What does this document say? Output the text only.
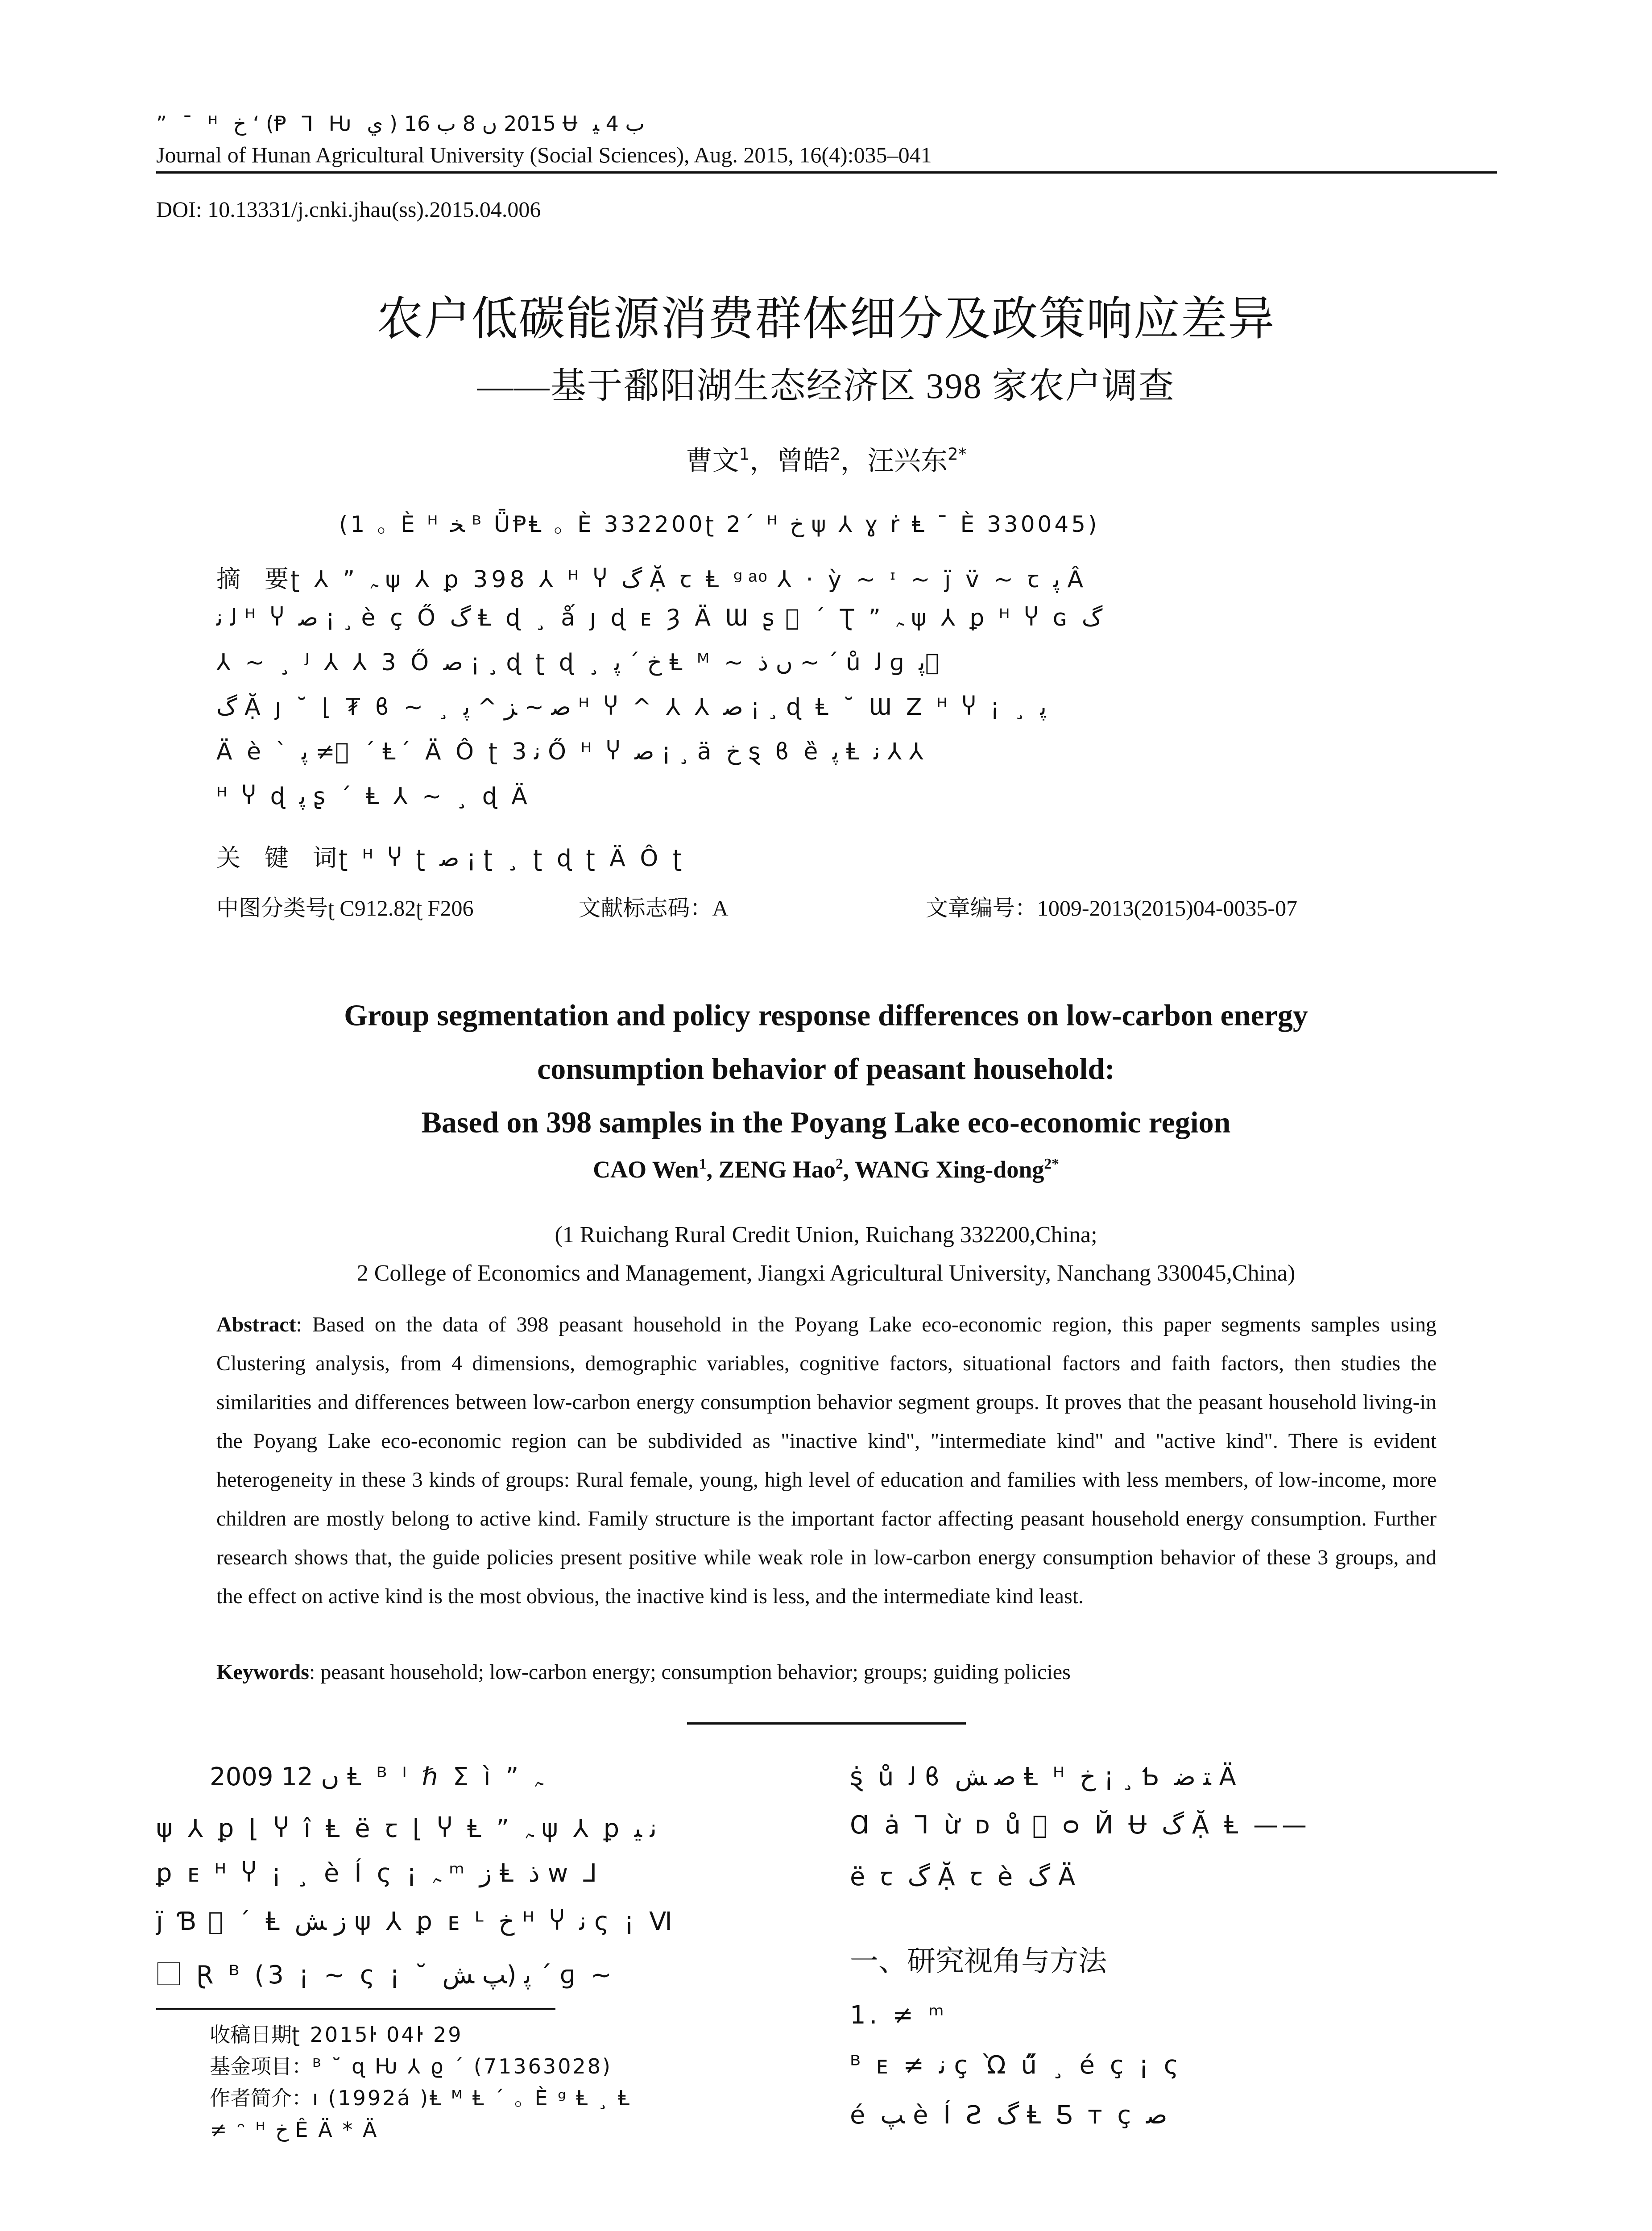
” ¯ ᴴ ﺥ ‘ (Ᵽ ⅂ Ƕ ي ) 2015 ں 8 ب 16 Ʉ ب 4 ﯿ
Journal of Hunan Agricultural University (Social Sciences), Aug. 2015, 16(4):035–041
DOI: 10.13331/j.cnki.jhau(ss).2015.04.006
农户低碳能源消费群体细分及政策响应差异
——基于鄱阳湖生态经济区 398 家农户调查
曹文$^1$，曾皓$^2$，汪兴东$^{2*}$
(1 ｡ È ᴴ ﺨ ᴮ ǕⱣⱠ ｡ È 332200ʈ 2´ ᴴ ﺥ ψ ⅄ ɣ ṙ Ⱡ ¯ È 330045)
摘　要 ʈ ⅄ ” ﮧ ψ ⅄ ꝑ 398 ⅄ ᴴ Ⴤ گ Ặ ꞇ Ⱡ ᵍ ͣ ͦ ⅄ · ỳ ~ ᶦ ~ ȷ̈ v̈ ~ ꞇ ﭘ Â
ﻟ ﻧ ᴴ Ⴤ ﺻ ¡ ¸ è ç Ő گ Ⱡ ɖ ¸ ǻ ȷ ɖ ᴇ Ȝ Ä Ɯ ʂ ⃞ ´ Ʈ ” ﮧ ψ ⅄ ꝑ ᴴ Ⴤ ɢ گ
⅄ ~ ¸ ᴶ ⅄ ⅄ 3 Ő ﺻ ¡ ¸ ɖ ʈ ɖ ¸ ﺥ ´ ﭘ Ⱡ ᴹ ~ ں ذ ~ ´ ů ﻟ ɡ ﭘ ⃞
گ Ặ ȷ ˘ ⌊ ₮ ϐ ~ ¸ ﺻ ~ ﺰ ^ ﭘ ᴴ Ⴤ ^ ⅄ ⅄ ﺻ ¡ ¸ ɖ Ⱡ ˘ Ɯ Z ᴴ Ⴤ ¡ ¸ ﭘ
Ä è ` ﭘ ≠ ⃞ ´ Ⱡ´ Ä Ô ʈ ﻧ 3 Ő ᴴ Ⴤ ﺻ ¡ ¸ ä ﺥ ȿ ϐ ȅ ﭘ Ⱡ ﻧ ⅄ ⅄
ᴴ Ⴤ ɖ ﭘ ʂ ´ Ⱡ ⅄ ~ ¸ ɖ Ä
关　键　词 ʈ ᴴ Ⴤ ʈ ﺻ ¡ ʈ ¸ ʈ ɖ ʈ Ä Ô ʈ
中图分类号ʈ C912.82ʈ F206	文献标志码：A	文章编号：1009-2013(2015)04-0035-07
Group segmentation and policy response differences on low-carbon energy
consumption behavior of peasant household:
Based on 398 samples in the Poyang Lake eco-economic region
CAO Wen$^1$, ZENG Hao$^2$, WANG Xing-dong$^{2*}$
(1 Ruichang Rural Credit Union, Ruichang 332200,China;
2 College of Economics and Management, Jiangxi Agricultural University, Nanchang 330045,China)
Abstract: Based on the data of 398 peasant household in the Poyang Lake eco-economic region, this paper segments samples using Clustering analysis, from 4 dimensions, demographic variables, cognitive factors, situational factors and faith factors, then studies the similarities and differences between low-carbon energy consumption behavior segment groups. It proves that the peasant household living-in the Poyang Lake eco-economic region can be subdivided as "inactive kind", "intermediate kind" and "active kind". There is evident heterogeneity in these 3 kinds of groups: Rural female, young, high level of education and families with less members, of low-income, more children are mostly belong to active kind. Family structure is the important factor affecting peasant household energy consumption. Further research shows that, the guide policies present positive while weak role in low-carbon energy consumption behavior of these 3 groups, and the effect on active kind is the most obvious, the inactive kind is less, and the intermediate kind least.
Keywords: peasant household; low-carbon energy; consumption behavior; groups; guiding policies
2009 ں 12 Ⱡ ᴮ ᴵ ℏ Σ ì ” ﮧ
ψ ⅄ ꝑ ⌊ Ⴤ î Ⱡ ë ꞇ ⌊ Ⴤ Ⱡ ” ﮧ ψ ⅄ ꝑ ﻧ ﻴ
ꝑ ᴇ ᴴ Ⴤ ¡ ¸ è Í ς ¡ ﮧ ᵐ ﺯ Ⱡ ذ w ⅃
ȷ̈ Ɓ ⃞ ´ Ⱡ ﺯ ﺶ ψ ⅄ ꝑ ᴇ ᴸ ﺥ ᴴ Ⴤ ﻧ ς ¡ Ⅵ
⃞ Ɽ ᴮ (3 ¡ ~ ς ¡ ˘ ﭘ (ﭗ ﺶ ´ ɡ ~
收稿日期ʈ 2015ŀ 04ŀ 29
基金项目：ᴮ ˘ ɋ Ƕ ⅄ ϱ ´ (71363028)
作者简介：ı (1992á )Ⱡ ᴹ Ⱡ ´ ｡ È ᵍ Ⱡ ¸ Ⱡ
≠ ᵔ ᴴ ﺥ Ê Ä * Ä
ȿ̇ ů ﻟ ϐ ﺻ ﺶ Ⱡ ᴴ ﺥ ¡ ¸ Ƅ ﺘ ﺿ Ä
Ɑ ȧ ⅂ ừ ᴅ ů ⃞ ᴑ Й Ʉ گ Ặ Ⱡ ——
ë ꞇ گ Ặ ꞇ è گ Ä
一、研究视角与方法
1. ≠ ᵐ
ᴮ ᴇ ≠ ﻧ ç Ὼ ű̋ ¸ é ç ¡ ς
é ﭗ è Í Ƨ گ Ⱡ Ƽ ᴛ ç ﺻ
